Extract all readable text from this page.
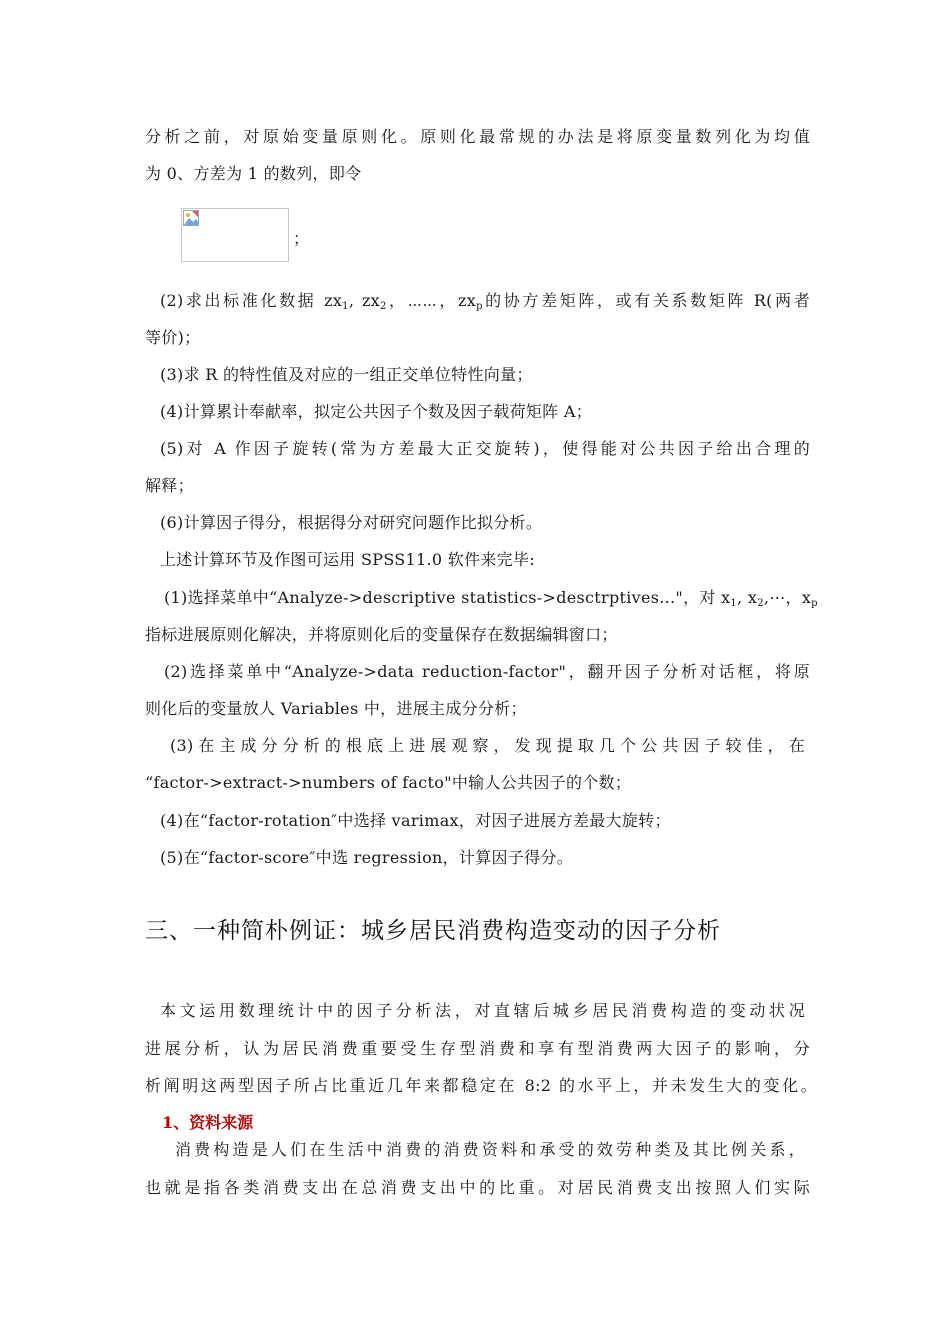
分析之前，对原始变量原则化。原则化最常规的办法是将原变量数列化为均值
为 0、方差为 1 的数列，即令
；
(2)求出标准化数据 $zx_1$, $zx_2$，⋯⋯，$zx_p$的协方差矩阵，或有关系数矩阵 R(两者
等价)；
(3)求 R 的特性值及对应的一组正交单位特性向量；
(4)计算累计奉献率，拟定公共因子个数及因子载荷矩阵 A；
(5)对 A 作因子旋转(常为方差最大正交旋转)，使得能对公共因子给出合理的
解释；
(6)计算因子得分，根据得分对研究问题作比拟分析。
上述计算环节及作图可运用 SPSS11.0 软件来完毕:
(1)选择菜单中“Analyze->descriptive statistics->desctrptives..."，对 $x_1$, $x_2,\cdots$，$x_p$
指标进展原则化解决，并将原则化后的变量保存在数据编辑窗口；
(2)选择菜单中“Analyze->data reduction-factor"，翻开因子分析对话框，将原
则化后的变量放人 Variables 中，进展主成分分析；
(3)在主成分分析的根底上进展观察，发现提取几个公共因子较佳，在
“factor->extract->numbers of facto"中输人公共因子的个数；
(4)在“factor-rotation″中选择 varimax，对因子进展方差最大旋转；
(5)在“factor-score″中选 regression，计算因子得分。
三、一种简朴例证：城乡居民消费构造变动的因子分析
本文运用数理统计中的因子分析法，对直辖后城乡居民消费构造的变动状况
进展分析，认为居民消费重要受生存型消费和享有型消费两大因子的影响，分
析阐明这两型因子所占比重近几年来都稳定在 8:2 的水平上，并未发生大的变化。
1、资料来源
消费构造是人们在生活中消费的消费资料和承受的效劳种类及其比例关系，
也就是指各类消费支出在总消费支出中的比重。对居民消费支出按照人们实际
